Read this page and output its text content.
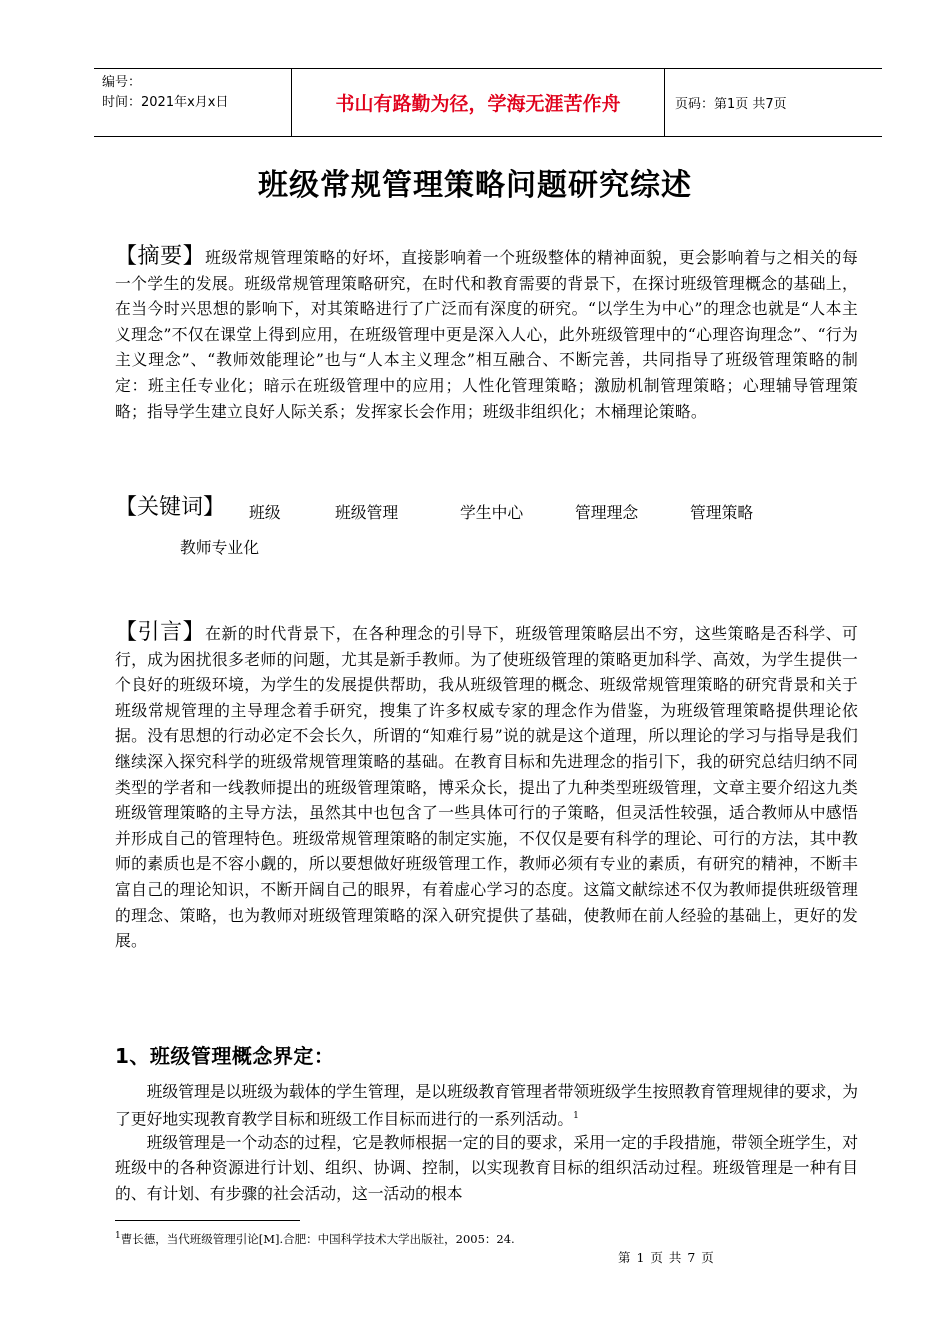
编号：
时间：2021年x月x日	书山有路勤为径，学海无涯苦作舟	页码：第1页 共7页
班级常规管理策略问题研究综述
【摘要】班级常规管理策略的好坏，直接影响着一个班级整体的精神面貌，更会影响着与之相关的每一个学生的发展。班级常规管理策略研究，在时代和教育需要的背景下，在探讨班级管理概念的基础上，在当今时兴思想的影响下，对其策略进行了广泛而有深度的研究。“以学生为中心”的理念也就是“人本主义理念”不仅在课堂上得到应用，在班级管理中更是深入人心，此外班级管理中的“心理咨询理念”、“行为主义理念”、“教师效能理论”也与“人本主义理念”相互融合、不断完善，共同指导了班级管理策略的制定：班主任专业化；暗示在班级管理中的应用；人性化管理策略；激励机制管理策略；心理辅导管理策略；指导学生建立良好人际关系；发挥家长会作用；班级非组织化；木桶理论策略。
【关键词】 班级	班级管理	学生中心	管理理念	管理策略
教师专业化
【引言】在新的时代背景下，在各种理念的引导下，班级管理策略层出不穷，这些策略是否科学、可行，成为困扰很多老师的问题，尤其是新手教师。为了使班级管理的策略更加科学、高效，为学生提供一个良好的班级环境，为学生的发展提供帮助，我从班级管理的概念、班级常规管理策略的研究背景和关于班级常规管理的主导理念着手研究，搜集了许多权威专家的理念作为借鉴，为班级管理策略提供理论依据。没有思想的行动必定不会长久，所谓的“知难行易”说的就是这个道理，所以理论的学习与指导是我们继续深入探究科学的班级常规管理策略的基础。在教育目标和先进理念的指引下，我的研究总结归纳不同类型的学者和一线教师提出的班级管理策略，博采众长，提出了九种类型班级管理，文章主要介绍这九类班级管理策略的主导方法，虽然其中也包含了一些具体可行的子策略，但灵活性较强，适合教师从中感悟并形成自己的管理特色。班级常规管理策略的制定实施，不仅仅是要有科学的理论、可行的方法，其中教师的素质也是不容小觑的，所以要想做好班级管理工作，教师必须有专业的素质，有研究的精神，不断丰富自己的理论知识，不断开阔自己的眼界，有着虚心学习的态度。这篇文献综述不仅为教师提供班级管理的理念、策略，也为教师对班级管理策略的深入研究提供了基础，使教师在前人经验的基础上，更好的发展。
1、班级管理概念界定：
班级管理是以班级为载体的学生管理，是以班级教育管理者带领班级学生按照教育管理规律的要求，为了更好地实现教育教学目标和班级工作目标而进行的一系列活动。$^1$
班级管理是一个动态的过程，它是教师根据一定的目的要求，采用一定的手段措施，带领全班学生，对班级中的各种资源进行计划、组织、协调、控制，以实现教育目标的组织活动过程。班级管理是一种有目的、有计划、有步骤的社会活动，这一活动的根本
$^1$曹长德，当代班级管理引论[M].合肥：中国科学技术大学出版社，2005：24.
第 1 页 共 7 页
